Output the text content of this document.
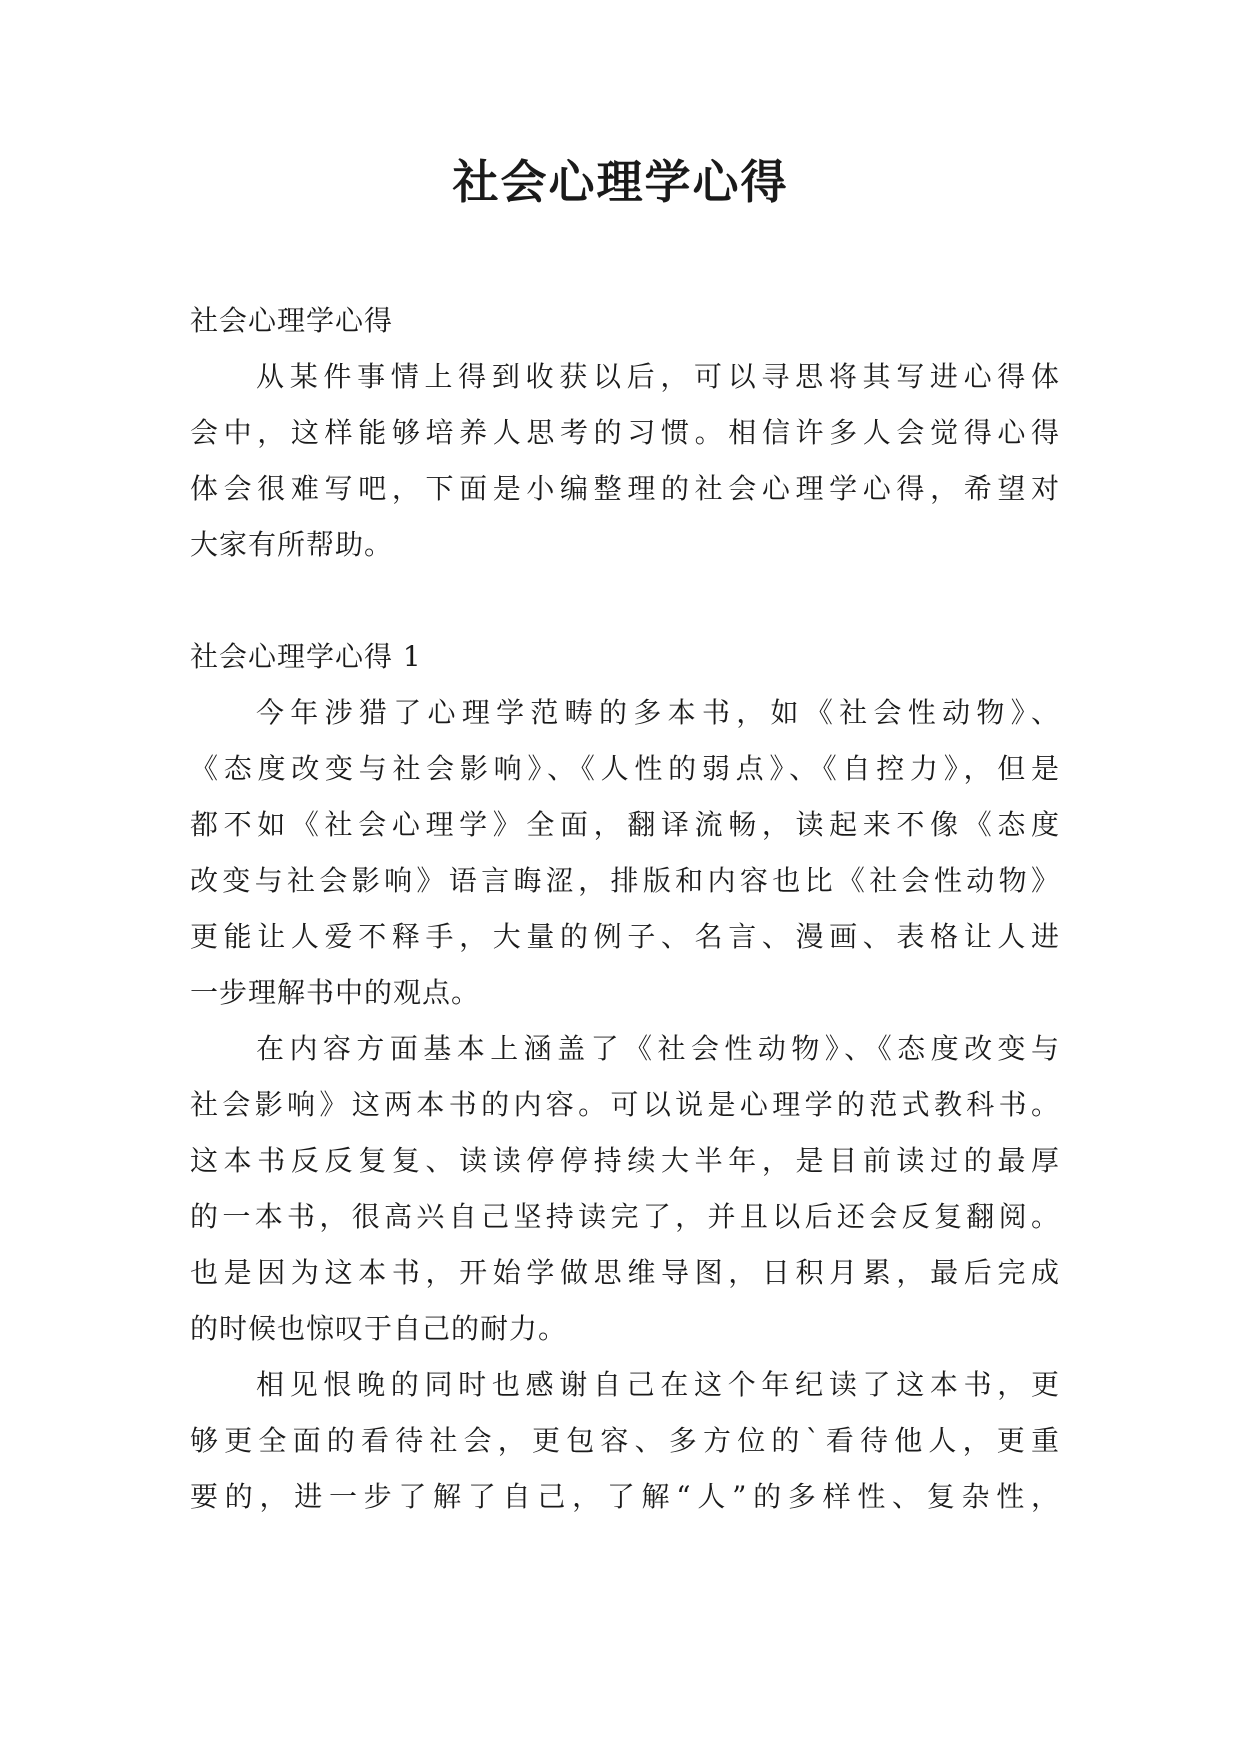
社会心理学心得
社会心理学心得
从某件事情上得到收获以后，可以寻思将其写进心得体
会中，这样能够培养人思考的习惯。相信许多人会觉得心得
体会很难写吧，下面是小编整理的社会心理学心得，希望对
大家有所帮助。
社会心理学心得 1
今年涉猎了心理学范畴的多本书，如《社会性动物》、
《态度改变与社会影响》、《人性的弱点》、《自控力》，但是
都不如《社会心理学》全面，翻译流畅，读起来不像《态度
改变与社会影响》语言晦涩，排版和内容也比《社会性动物》
更能让人爱不释手，大量的例子、名言、漫画、表格让人进
一步理解书中的观点。
在内容方面基本上涵盖了《社会性动物》、《态度改变与
社会影响》这两本书的内容。可以说是心理学的范式教科书。
这本书反反复复、读读停停持续大半年，是目前读过的最厚
的一本书，很高兴自己坚持读完了，并且以后还会反复翻阅。
也是因为这本书，开始学做思维导图，日积月累，最后完成
的时候也惊叹于自己的耐力。
相见恨晚的同时也感谢自己在这个年纪读了这本书，更
够更全面的看待社会，更包容、多方位的`看待他人，更重
要的，进一步了解了自己，了解“人”的多样性、复杂性，
